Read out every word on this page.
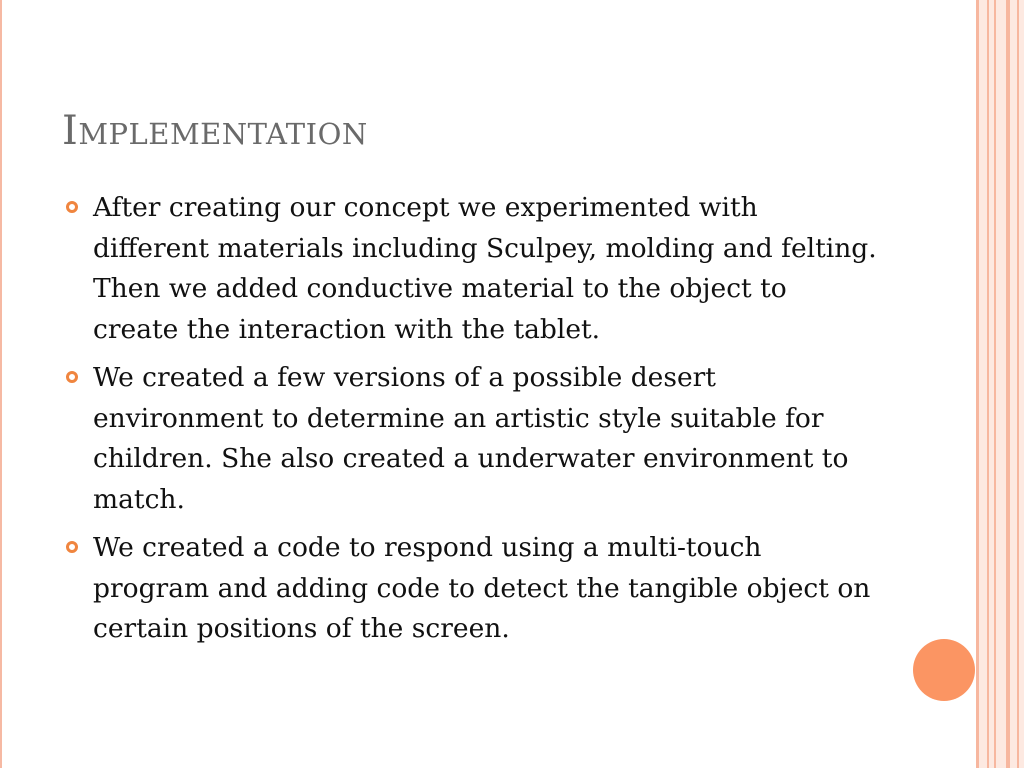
IMPLEMENTATION
After creating our concept we experimented with different materials including Sculpey, molding and felting. Then we added conductive material to the object to create the interaction with the tablet.
We created a few versions of a possible desert environment to determine an artistic style suitable for children. She also created a underwater environment to match.
We created a code to respond using a multi-touch program and adding code to detect the tangible object on certain positions of the screen.
